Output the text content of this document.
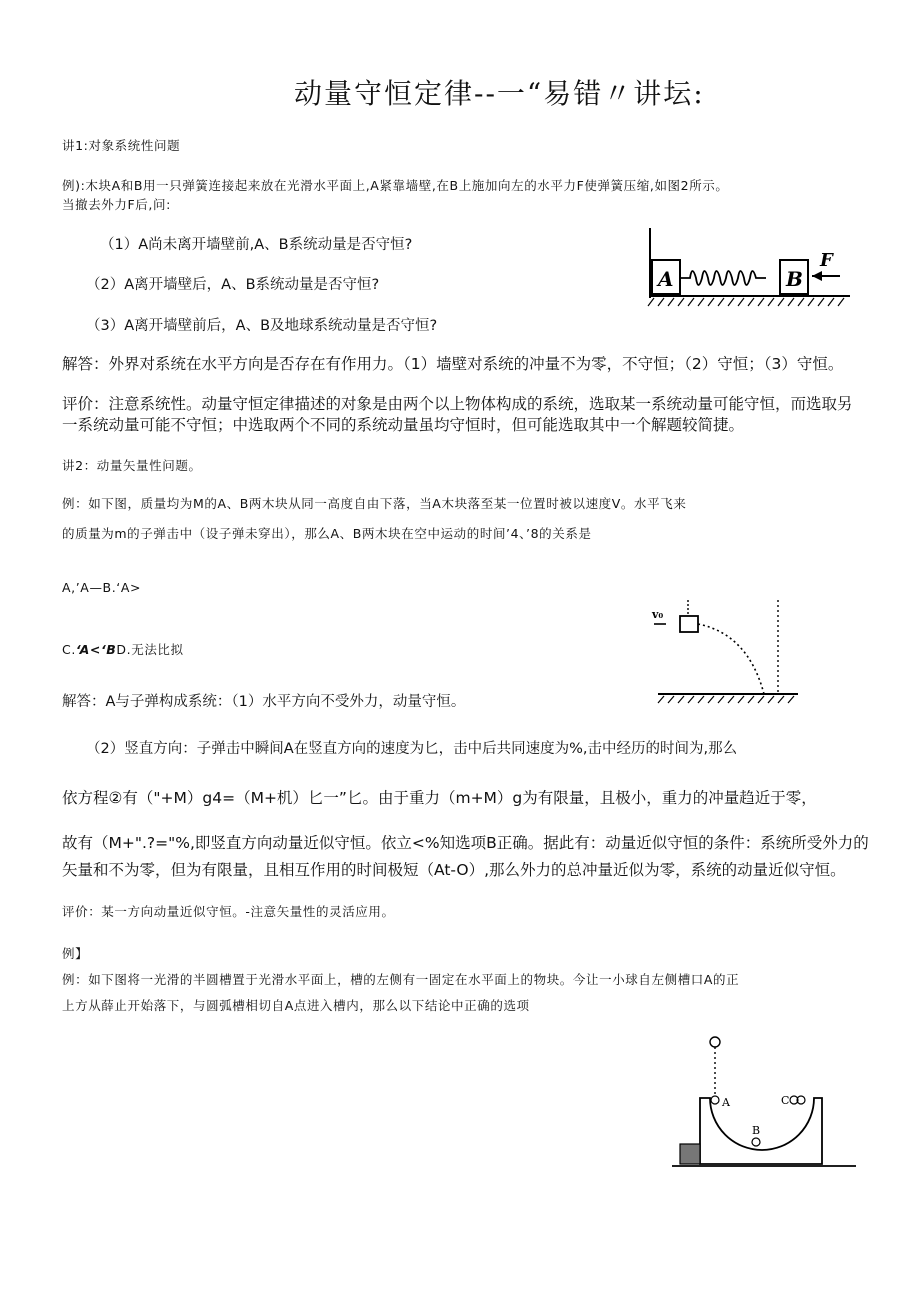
动量守恒定律--一“易错〃讲坛:
讲1:对象系统性问题
例):木块A和B用一只弹簧连接起来放在光滑水平面上,A紧靠墙壁,在B上施加向左的水平力F使弹簧压缩,如图2所示。
当撤去外力F后,问:
（1）A尚未离开墙壁前,A、B系统动量是否守恒?
（2）A离开墙壁后，A、B系统动量是否守恒?
（3）A离开墙壁前后，A、B及地球系统动量是否守恒?
解答：外界对系统在水平方向是否存在有作用力。（1）墙壁对系统的冲量不为零，不守恒；（2）守恒；（3）守恒。
评价：注意系统性。动量守恒定律描述的对象是由两个以上物体构成的系统，选取某一系统动量可能守恒，而选取另
一系统动量可能不守恒；中选取两个不同的系统动量虽均守恒时，但可能选取其中一个解题较简捷。
A	B
F
讲2：动量矢量性问题。
例：如下图，质量均为M的A、B两木块从同一高度自由下落，当A木块落至某一位置时被以速度V。水平飞来
的质量为m的子弹击中（设子弹未穿出），那么A、B两木块在空中运动的时间’4、’8的关系是
A,’A—B.‘A>
C.ʻA<ʻBD.无法比拟
解答：A与子弹构成系统：（1）水平方向不受外力，动量守恒。
（2）竖直方向：子弹击中瞬间A在竖直方向的速度为匕，击中后共同速度为%,击中经历的时间为,那么
依方程②有（"+M）g4=（M+机）匕一”匕。由于重力（m+M）g为有限量，且极小，重力的冲量趋近于零，
故有（M+".?="%,即竖直方向动量近似守恒。依立<%知选项B正确。据此有：动量近似守恒的条件：系统所受外力的
矢量和不为零，但为有限量，且相互作用的时间极短（At-O）,那么外力的总冲量近似为零，系统的动量近似守恒。
评价：某一方向动量近似守恒。-注意矢量性的灵活应用。
v₀
例】
例：如下图将一光滑的半圆槽置于光滑水平面上，槽的左侧有一固定在水平面上的物块。今让一小球自左侧槽口A的正
上方从薛止开始落下，与圆弧槽相切自A点进入槽内，那么以下结论中正确的选项
A
B
C
